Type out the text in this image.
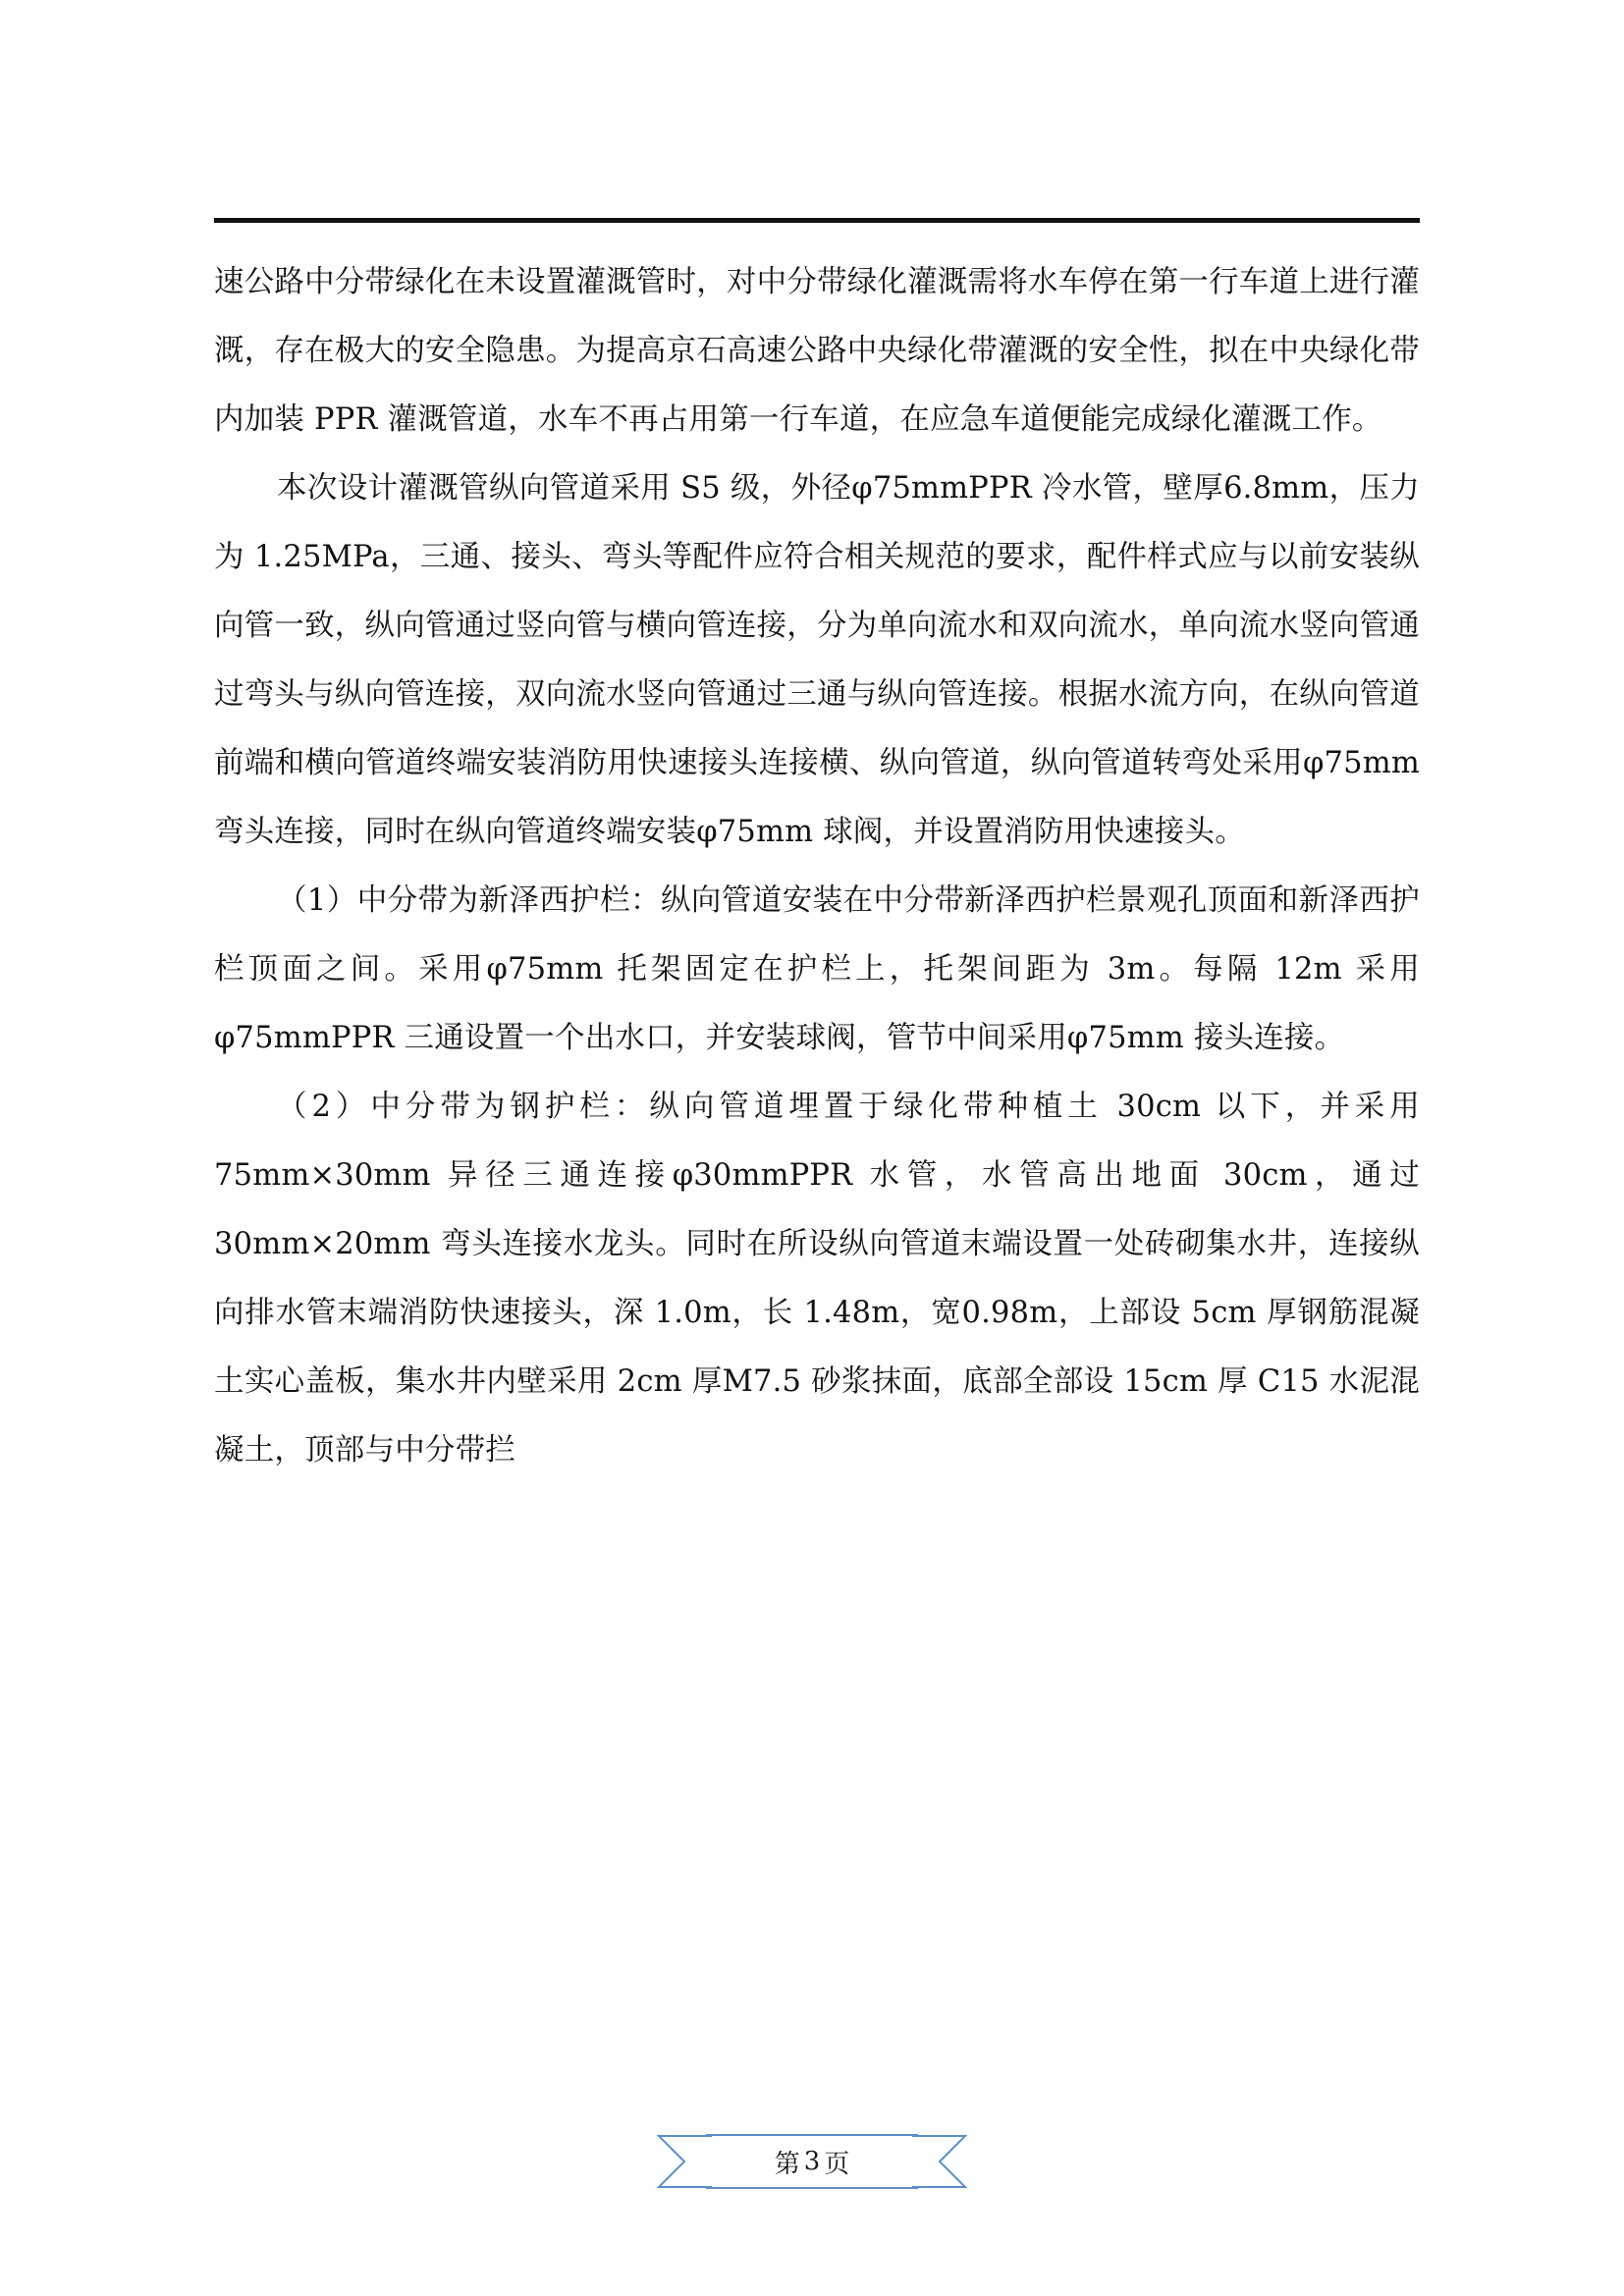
速公路中分带绿化在未设置灌溉管时，对中分带绿化灌溉需将水车停在第一行车道上进行灌溉，存在极大的安全隐患。为提高京石高速公路中央绿化带灌溉的安全性，拟在中央绿化带内加装 PPR 灌溉管道，水车不再占用第一行车道，在应急车道便能完成绿化灌溉工作。

本次设计灌溉管纵向管道采用 S5 级，外径φ75mmPPR 冷水管，壁厚6.8mm，压力为 1.25MPa，三通、接头、弯头等配件应符合相关规范的要求，配件样式应与以前安装纵向管一致，纵向管通过竖向管与横向管连接，分为单向流水和双向流水，单向流水竖向管通过弯头与纵向管连接，双向流水竖向管通过三通与纵向管连接。根据水流方向，在纵向管道前端和横向管道终端安装消防用快速接头连接横、纵向管道，纵向管道转弯处采用φ75mm 弯头连接，同时在纵向管道终端安装φ75mm 球阀，并设置消防用快速接头。

（1）中分带为新泽西护栏：纵向管道安装在中分带新泽西护栏景观孔顶面和新泽西护栏顶面之间。采用φ75mm 托架固定在护栏上，托架间距为 3m。每隔 12m 采用φ75mmPPR 三通设置一个出水口，并安装球阀，管节中间采用φ75mm 接头连接。

（2）中分带为钢护栏：纵向管道埋置于绿化带种植土 30cm 以下，并采用 75mm×30mm 异径三通连接φ30mmPPR 水管，水管高出地面 30cm，通过 30mm×20mm 弯头连接水龙头。同时在所设纵向管道末端设置一处砖砌集水井，连接纵向排水管末端消防快速接头，深 1.0m，长 1.48m，宽0.98m，上部设 5cm 厚钢筋混凝土实心盖板，集水井内壁采用 2cm 厚M7.5 砂浆抹面，底部全部设 15cm 厚 C15 水泥混凝土，顶部与中分带拦

第 3 页
